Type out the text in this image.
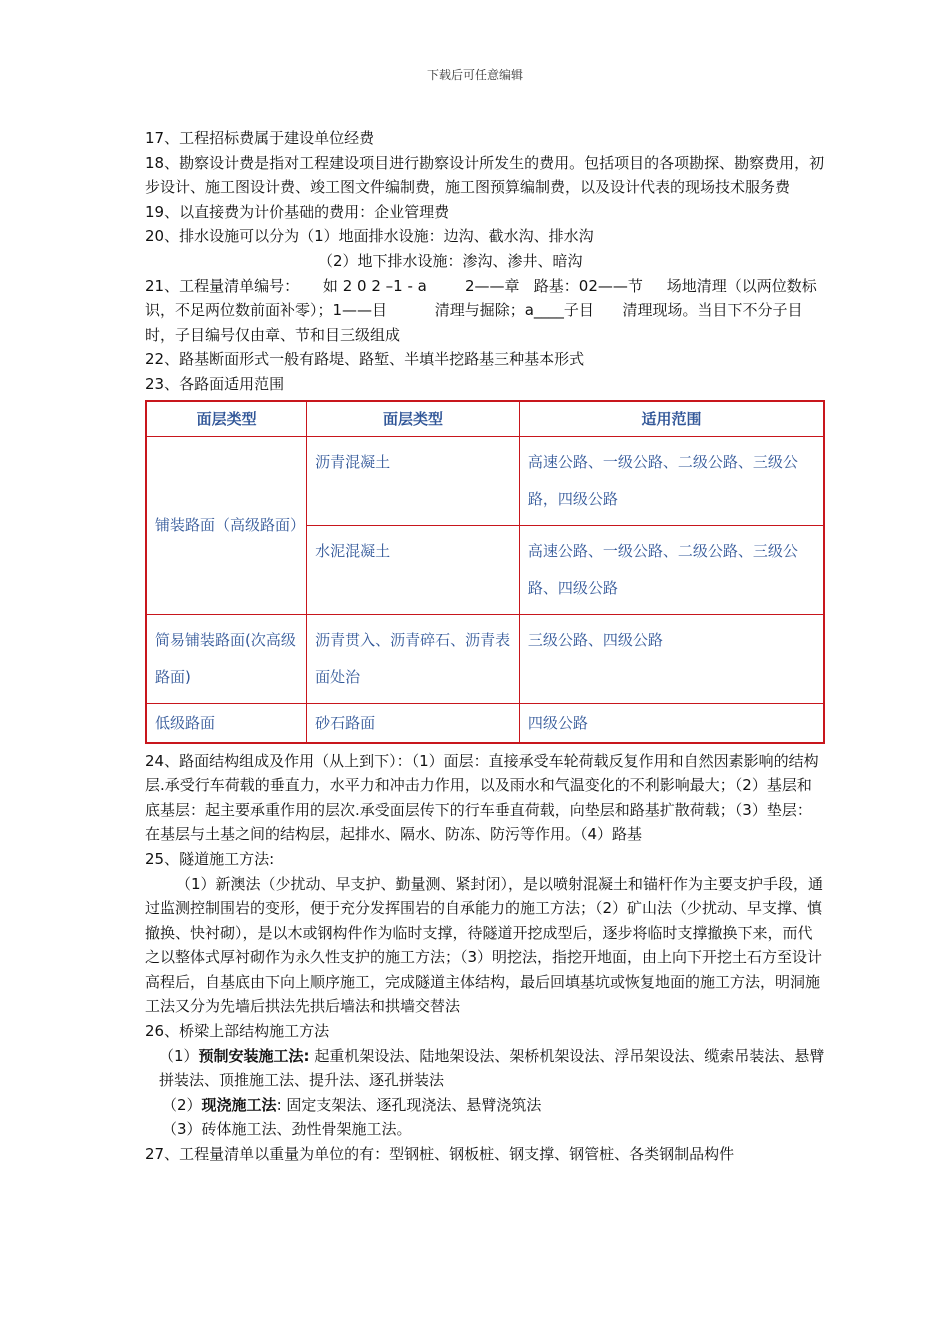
下载后可任意编辑

17、工程招标费属于建设单位经费

18、勘察设计费是指对工程建设项目进行勘察设计所发生的费用。包括项目的各项勘探、勘察费用，初步设计、施工图设计费、竣工图文件编制费，施工图预算编制费，以及设计代表的现场技术服务费

19、以直接费为计价基础的费用：企业管理费

20、排水设施可以分为（1）地面排水设施：边沟、截水沟、排水沟

（2）地下排水设施：渗沟、渗井、暗沟

21、工程量清单编号：     如 2 0 2 –1 - a        2——章   路基：02——节     场地清理（以两位数标识，不足两位数前面补零）；1——目          清理与掘除；a____子目      清理现场。当目下不分子目时，子目编号仅由章、节和目三级组成

22、路基断面形式一般有路堤、路堑、半填半挖路基三种基本形式

23、各路面适用范围

面层类型	面层类型	适用范围
铺装路面（高级路面）	沥青混凝土	高速公路、一级公路、二级公路、三级公路，四级公路
	水泥混凝土	高速公路、一级公路、二级公路、三级公路、四级公路
简易铺装路面(次高级路面)	沥青贯入、沥青碎石、沥青表面处治	三级公路、四级公路
低级路面	砂石路面	四级公路

24、路面结构组成及作用（从上到下）：（1）面层：直接承受车轮荷载反复作用和自然因素影响的结构层.承受行车荷载的垂直力，水平力和冲击力作用，以及雨水和气温变化的不利影响最大；（2）基层和底基层：起主要承重作用的层次.承受面层传下的行车垂直荷载，向垫层和路基扩散荷载；（3）垫层：在基层与土基之间的结构层，起排水、隔水、防冻、防污等作用。（4）路基

25、隧道施工方法:

（1）新澳法（少扰动、早支护、勤量测、紧封闭），是以喷射混凝土和锚杆作为主要支护手段，通过监测控制围岩的变形，便于充分发挥围岩的自承能力的施工方法；（2）矿山法（少扰动、早支撑、慎撤换、快衬砌），是以木或钢构件作为临时支撑，待隧道开挖成型后，逐步将临时支撑撤换下来，而代之以整体式厚衬砌作为永久性支护的施工方法；（3）明挖法，指挖开地面，由上向下开挖土石方至设计高程后，自基底由下向上顺序施工，完成隧道主体结构，最后回填基坑或恢复地面的施工方法，明洞施工法又分为先墙后拱法先拱后墙法和拱墙交替法

26、桥梁上部结构施工方法

（1）预制安装施工法: 起重机架设法、陆地架设法、架桥机架设法、浮吊架设法、缆索吊装法、悬臂拼装法、顶推施工法、提升法、逐孔拼装法

（2）现浇施工法: 固定支架法、逐孔现浇法、悬臂浇筑法

（3）砖体施工法、劲性骨架施工法。

27、工程量清单以重量为单位的有：型钢桩、钢板桩、钢支撑、钢管桩、各类钢制品构件
